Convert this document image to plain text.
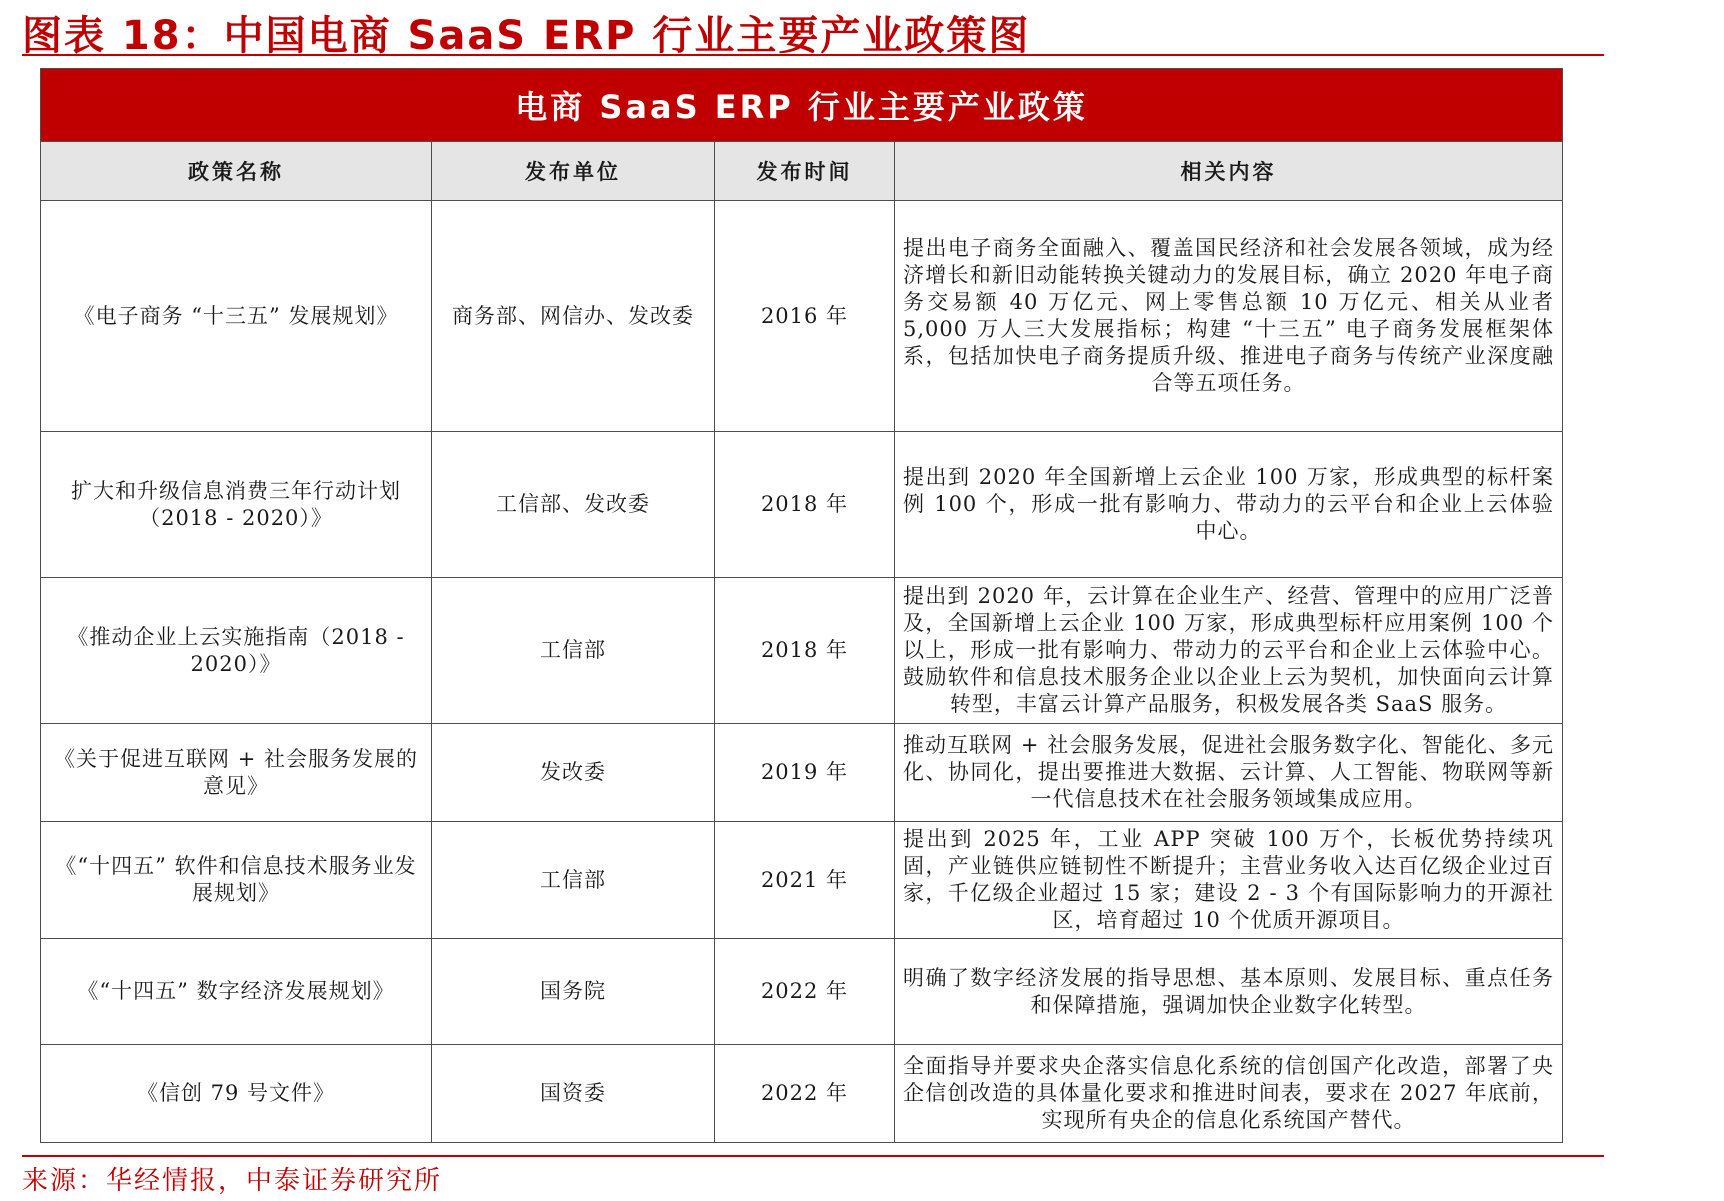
图表 18：中国电商 SaaS ERP 行业主要产业政策图
电商 SaaS ERP 行业主要产业政策			
政策名称	发布单位	发布时间	相关内容
《电子商务 “十三五” 发展规划》	商务部、网信办、发改委	2016 年	提出电子商务全面融入、覆盖国民经济和社会发展各领域，成为经济增长和新旧动能转换关键动力的发展目标，确立 2020 年电子商务交易额 40 万亿元、网上零售总额 10 万亿元、相关从业者 5,000 万人三大发展指标；构建 “十三五” 电子商务发展框架体系，包括加快电子商务提质升级、推进电子商务与传统产业深度融合等五项任务。
扩大和升级信息消费三年行动计划（2018 - 2020）》	工信部、发改委	2018 年	提出到 2020 年全国新增上云企业 100 万家，形成典型的标杆案例 100 个，形成一批有影响力、带动力的云平台和企业上云体验中心。
《推动企业上云实施指南（2018 - 2020）》	工信部	2018 年	提出到 2020 年，云计算在企业生产、经营、管理中的应用广泛普及，全国新增上云企业 100 万家，形成典型标杆应用案例 100 个以上，形成一批有影响力、带动力的云平台和企业上云体验中心。鼓励软件和信息技术服务企业以企业上云为契机，加快面向云计算转型，丰富云计算产品服务，积极发展各类 SaaS 服务。
《关于促进互联网 + 社会服务发展的意见》	发改委	2019 年	推动互联网 + 社会服务发展，促进社会服务数字化、智能化、多元化、协同化，提出要推进大数据、云计算、人工智能、物联网等新一代信息技术在社会服务领域集成应用。
《“十四五” 软件和信息技术服务业发展规划》	工信部	2021 年	提出到 2025 年，工业 APP 突破 100 万个，长板优势持续巩固，产业链供应链韧性不断提升；主营业务收入达百亿级企业过百家，千亿级企业超过 15 家；建设 2 - 3 个有国际影响力的开源社区，培育超过 10 个优质开源项目。
《“十四五” 数字经济发展规划》	国务院	2022 年	明确了数字经济发展的指导思想、基本原则、发展目标、重点任务和保障措施，强调加快企业数字化转型。
《信创 79 号文件》	国资委	2022 年	全面指导并要求央企落实信息化系统的信创国产化改造，部署了央企信创改造的具体量化要求和推进时间表，要求在 2027 年底前，实现所有央企的信息化系统国产替代。
来源：华经情报，中泰证券研究所
